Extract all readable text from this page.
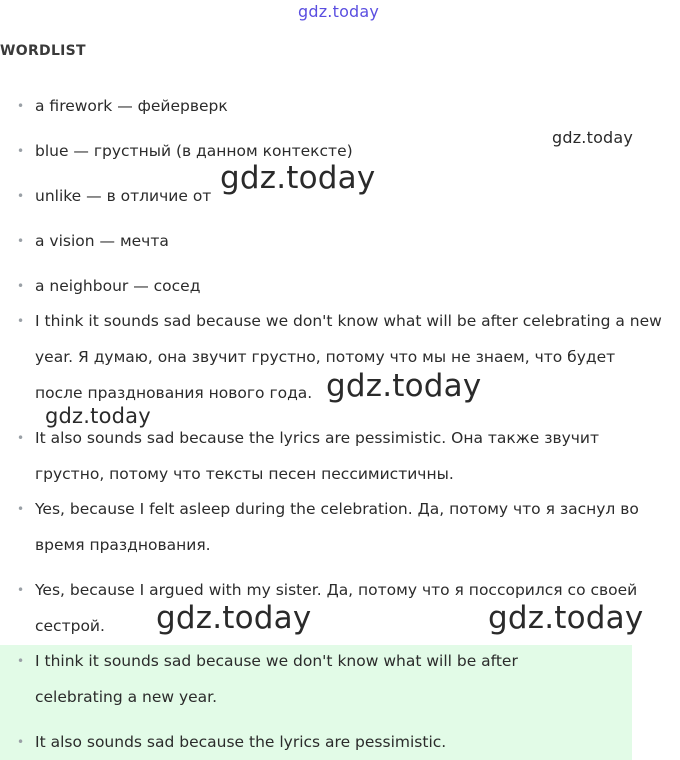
gdz.today
WORDLIST
• a firework — фейерверк
• blue — грустный (в данном контексте)
• unlike — в отличие от
• a vision — мечта
• a neighbour — сосед
• I think it sounds sad because we don't know what will be after celebrating a new year. Я думаю, она звучит грустно, потому что мы не знаем, что будет после празднования нового года.
• It also sounds sad because the lyrics are pessimistic. Она также звучит грустно, потому что тексты песен пессимистичны.
• Yes, because I felt asleep during the celebration. Да, потому что я заснул во время празднования.
• Yes, because I argued with my sister. Да, потому что я поссорился со своей сестрой.
• I think it sounds sad because we don't know what will be after celebrating a new year.
• It also sounds sad because the lyrics are pessimistic.
gdz.today
gdz.today
gdz.today
gdz.today
gdz.today	gdz.today
